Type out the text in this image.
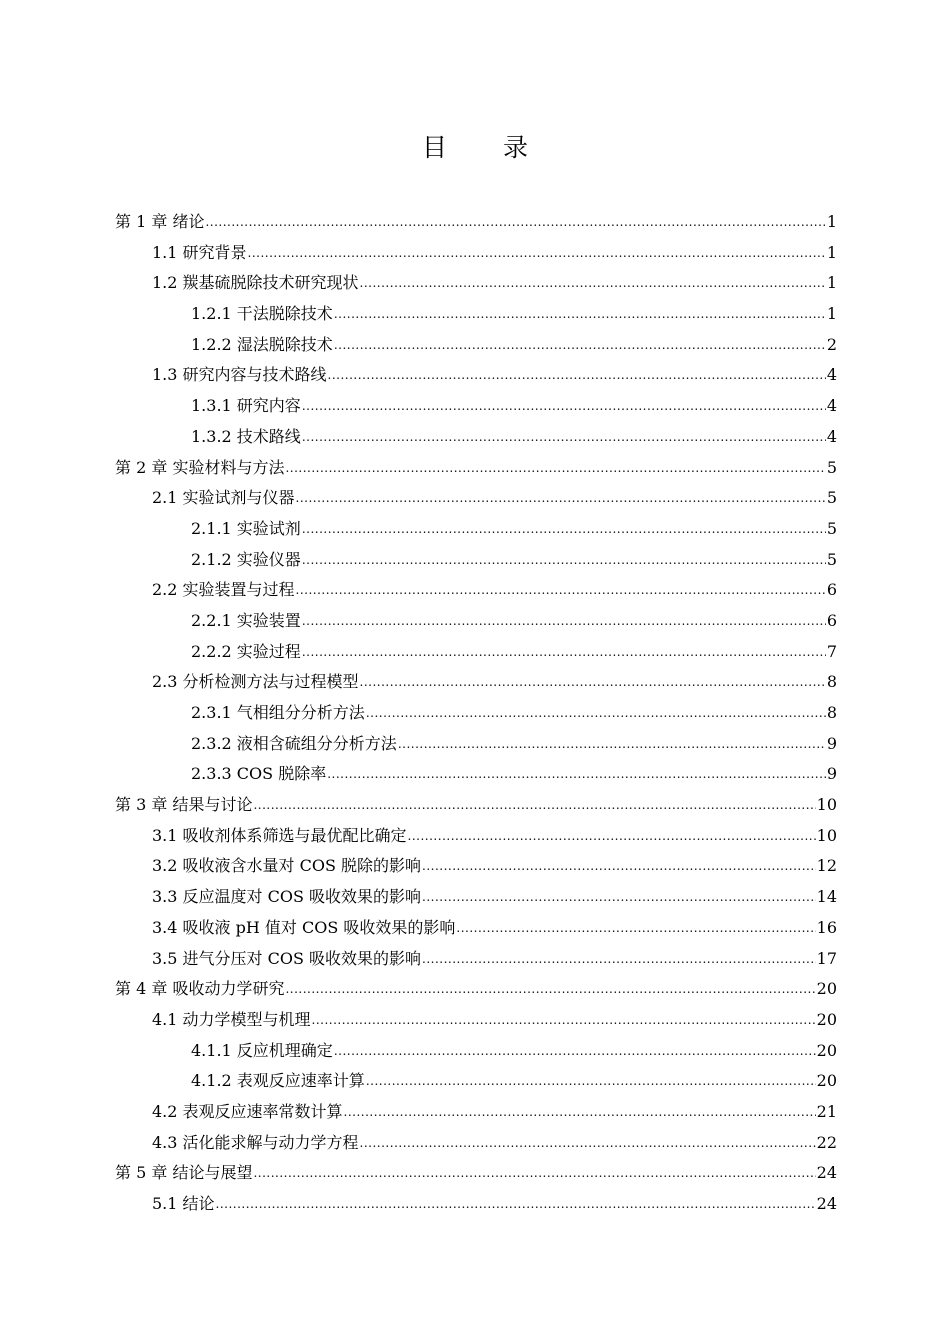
目 录
第 1 章 绪论 .....	1
1.1 研究背景 .....	1
1.2 羰基硫脱除技术研究现状 .....	1
1.2.1 干法脱除技术 .....	1
1.2.2 湿法脱除技术 .....	2
1.3 研究内容与技术路线 .....	4
1.3.1 研究内容 .....	4
1.3.2 技术路线 .....	4
第 2 章 实验材料与方法 .....	5
2.1 实验试剂与仪器 .....	5
2.1.1 实验试剂 .....	5
2.1.2 实验仪器 .....	5
2.2 实验装置与过程 .....	6
2.2.1 实验装置 .....	6
2.2.2 实验过程 .....	7
2.3 分析检测方法与过程模型 .....	8
2.3.1 气相组分分析方法 .....	8
2.3.2 液相含硫组分分析方法 .....	9
2.3.3 COS 脱除率 .....	9
第 3 章 结果与讨论 .....	10
3.1 吸收剂体系筛选与最优配比确定 .....	10
3.2 吸收液含水量对 COS 脱除的影响 .....	12
3.3 反应温度对 COS 吸收效果的影响 .....	14
3.4 吸收液 pH 值对 COS 吸收效果的影响 .....	16
3.5 进气分压对 COS 吸收效果的影响 .....	17
第 4 章 吸收动力学研究 .....	20
4.1 动力学模型与机理 .....	20
4.1.1 反应机理确定 .....	20
4.1.2 表观反应速率计算 .....	20
4.2 表观反应速率常数计算 .....	21
4.3 活化能求解与动力学方程 .....	22
第 5 章 结论与展望 .....	24
5.1 结论 .....	24
